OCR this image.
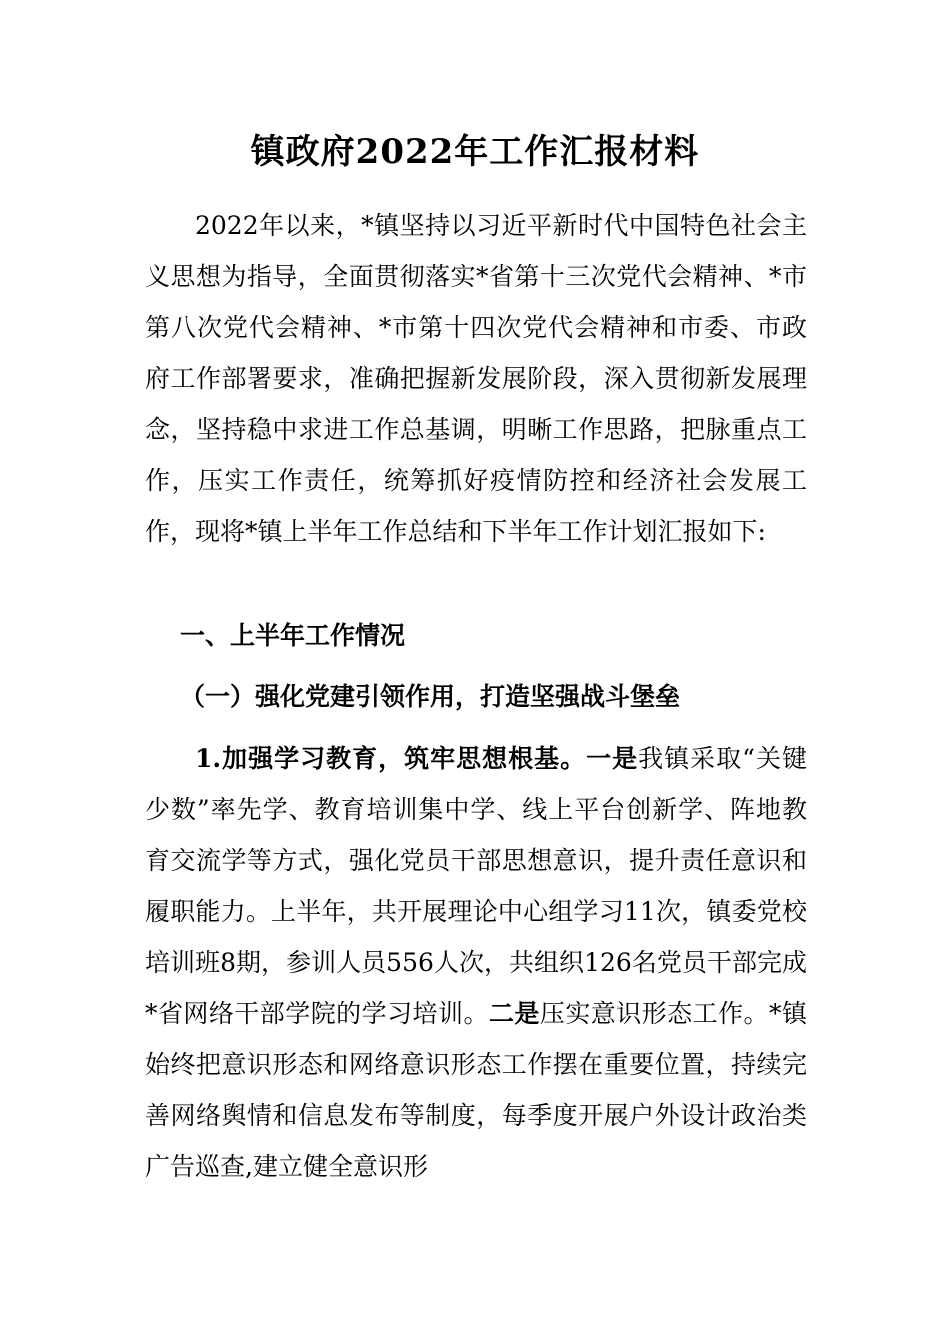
镇政府2022年工作汇报材料

2022年以来，*镇坚持以习近平新时代中国特色社会主义思想为指导，全面贯彻落实*省第十三次党代会精神、*市第八次党代会精神、*市第十四次党代会精神和市委、市政府工作部署要求，准确把握新发展阶段，深入贯彻新发展理念，坚持稳中求进工作总基调，明晰工作思路，把脉重点工作，压实工作责任，统筹抓好疫情防控和经济社会发展工作，现将*镇上半年工作总结和下半年工作计划汇报如下:

一、上半年工作情况

（一）强化党建引领作用，打造坚强战斗堡垒

1.加强学习教育，筑牢思想根基。一是我镇采取“关键少数”率先学、教育培训集中学、线上平台创新学、阵地教育交流学等方式，强化党员干部思想意识，提升责任意识和履职能力。上半年，共开展理论中心组学习11次，镇委党校培训班8期，参训人员556人次，共组织126名党员干部完成*省网络干部学院的学习培训。二是压实意识形态工作。*镇始终把意识形态和网络意识形态工作摆在重要位置，持续完善网络舆情和信息发布等制度，每季度开展户外设计政治类广告巡查,建立健全意识形
